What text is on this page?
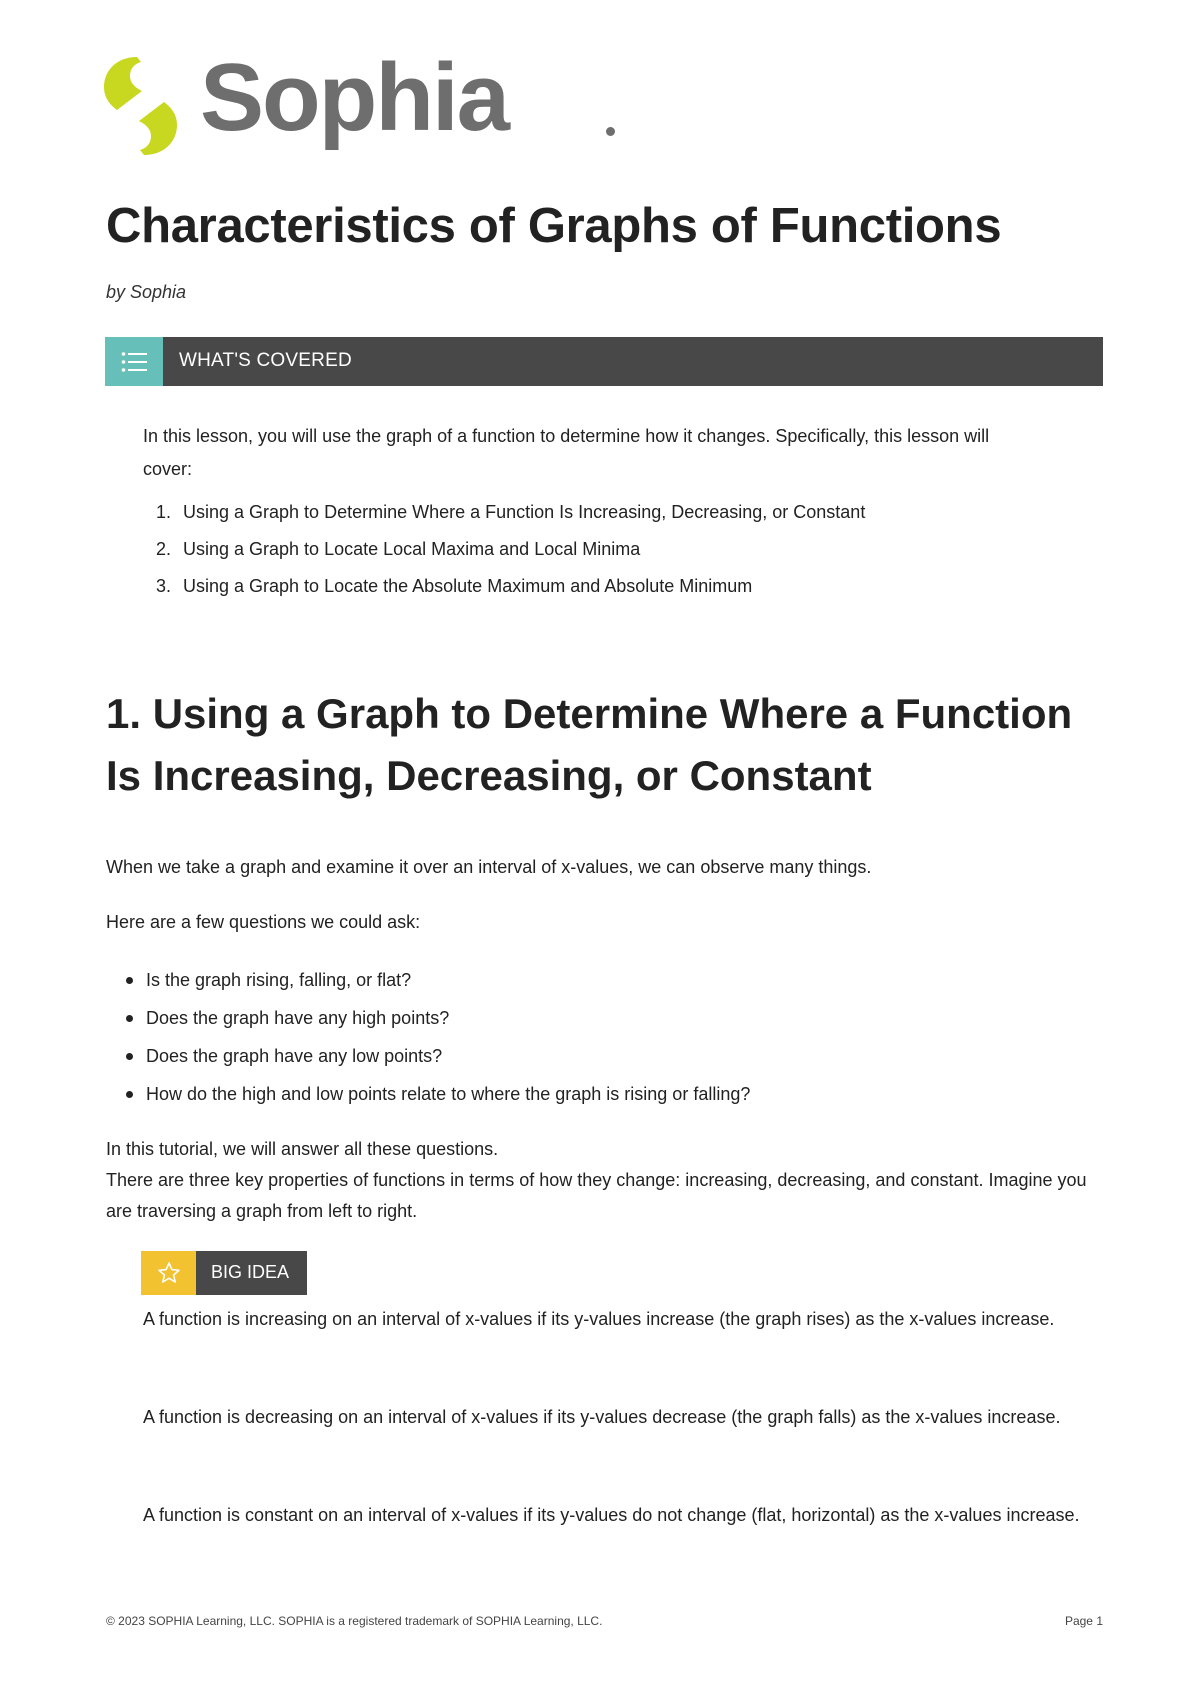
Sophia
Characteristics of Graphs of Functions
by Sophia
WHAT'S COVERED

In this lesson, you will use the graph of a function to determine how it changes. Specifically, this lesson will cover:

1. Using a Graph to Determine Where a Function Is Increasing, Decreasing, or Constant
2. Using a Graph to Locate Local Maxima and Local Minima
3. Using a Graph to Locate the Absolute Maximum and Absolute Minimum
1. Using a Graph to Determine Where a Function Is Increasing, Decreasing, or Constant

When we take a graph and examine it over an interval of x-values, we can observe many things.

Here are a few questions we could ask:

Is the graph rising, falling, or flat?
Does the graph have any high points?
Does the graph have any low points?
How do the high and low points relate to where the graph is rising or falling?
In this tutorial, we will answer all these questions.
There are three key properties of functions in terms of how they change: increasing, decreasing, and constant. Imagine you are traversing a graph from left to right.
BIG IDEA

A function is increasing on an interval of x-values if its y-values increase (the graph rises) as the x-values increase.

A function is decreasing on an interval of x-values if its y-values decrease (the graph falls) as the x-values increase.

A function is constant on an interval of x-values if its y-values do not change (flat, horizontal) as the x-values increase.

© 2023 SOPHIA Learning, LLC. SOPHIA is a registered trademark of SOPHIA Learning, LLC.	Page 1
